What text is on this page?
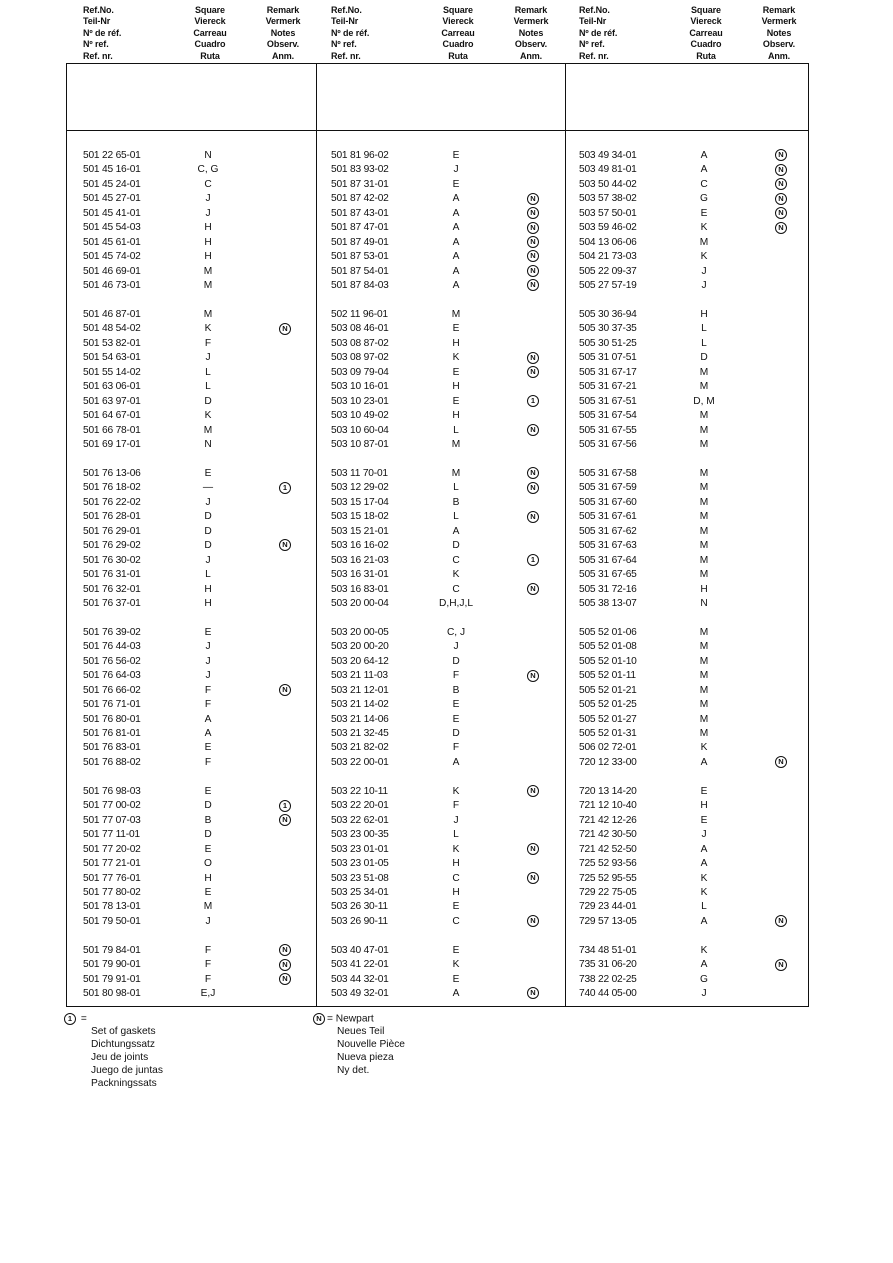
Ref.No.
Teil-Nr
Nº de réf.
Nº ref.
Ref. nr.
Square
Viereck
Carreau
Cuadro
Ruta
Remark
Vermerk
Notes
Observ.
Anm.
Ref.No.
Teil-Nr
Nº de réf.
Nº ref.
Ref. nr.
Square
Viereck
Carreau
Cuadro
Ruta
Remark
Vermerk
Notes
Observ.
Anm.
Ref.No.
Teil-Nr
Nº de réf.
Nº ref.
Ref. nr.
Square
Viereck
Carreau
Cuadro
Ruta
Remark
Vermerk
Notes
Observ.
Anm.
501 22 65-01	N
501 45 16-01	C, G
501 45 24-01	C
501 45 27-01	J
501 45 41-01	J
501 45 54-03	H
501 45 61-01	H
501 45 74-02	H
501 46 69-01	M
501 46 73-01	M
501 46 87-01	M
501 48 54-02	K	N
501 53 82-01	F
501 54 63-01	J
501 55 14-02	L
501 63 06-01	L
501 63 97-01	D
501 64 67-01	K
501 66 78-01	M
501 69 17-01	N
501 76 13-06	E
501 76 18-02	—	1
501 76 22-02	J
501 76 28-01	D
501 76 29-01	D
501 76 29-02	D	N
501 76 30-02	J
501 76 31-01	L
501 76 32-01	H
501 76 37-01	H
501 76 39-02	E
501 76 44-03	J
501 76 56-02	J
501 76 64-03	J
501 76 66-02	F	N
501 76 71-01	F
501 76 80-01	A
501 76 81-01	A
501 76 83-01	E
501 76 88-02	F
501 76 98-03	E
501 77 00-02	D	1
501 77 07-03	B	N
501 77 11-01	D
501 77 20-02	E
501 77 21-01	O
501 77 76-01	H
501 77 80-02	E
501 78 13-01	M
501 79 50-01	J
501 79 84-01	F	N
501 79 90-01	F	N
501 79 91-01	F	N
501 80 98-01	E,J
501 81 96-02	E
501 83 93-02	J
501 87 31-01	E
501 87 42-02	A	N
501 87 43-01	A	N
501 87 47-01	A	N
501 87 49-01	A	N
501 87 53-01	A	N
501 87 54-01	A	N
501 87 84-03	A	N
502 11 96-01	M
503 08 46-01	E
503 08 87-02	H
503 08 97-02	K	N
503 09 79-04	E	N
503 10 16-01	H
503 10 23-01	E	1
503 10 49-02	H
503 10 60-04	L	N
503 10 87-01	M
503 11 70-01	M	N
503 12 29-02	L	N
503 15 17-04	B
503 15 18-02	L	N
503 15 21-01	A
503 16 16-02	D
503 16 21-03	C	1
503 16 31-01	K
503 16 83-01	C	N
503 20 00-04	D,H,J,L
503 20 00-05	C, J
503 20 00-20	J
503 20 64-12	D
503 21 11-03	F	N
503 21 12-01	B
503 21 14-02	E
503 21 14-06	E
503 21 32-45	D
503 21 82-02	F
503 22 00-01	A
503 22 10-11	K	N
503 22 20-01	F
503 22 62-01	J
503 23 00-35	L
503 23 01-01	K	N
503 23 01-05	H
503 23 51-08	C	N
503 25 34-01	H
503 26 30-11	E
503 26 90-11	C	N
503 40 47-01	E
503 41 22-01	K
503 44 32-01	E
503 49 32-01	A	N
503 49 34-01	A	N
503 49 81-01	A	N
503 50 44-02	C	N
503 57 38-02	G	N
503 57 50-01	E	N
503 59 46-02	K	N
504 13 06-06	M
504 21 73-03	K
505 22 09-37	J
505 27 57-19	J
505 30 36-94	H
505 30 37-35	L
505 30 51-25	L
505 31 07-51	D
505 31 67-17	M
505 31 67-21	M
505 31 67-51	D, M
505 31 67-54	M
505 31 67-55	M
505 31 67-56	M
505 31 67-58	M
505 31 67-59	M
505 31 67-60	M
505 31 67-61	M
505 31 67-62	M
505 31 67-63	M
505 31 67-64	M
505 31 67-65	M
505 31 72-16	H
505 38 13-07	N
505 52 01-06	M
505 52 01-08	M
505 52 01-10	M
505 52 01-11	M
505 52 01-21	M
505 52 01-25	M
505 52 01-27	M
505 52 01-31	M
506 02 72-01	K
720 12 33-00	A	N
720 13 14-20	E
721 12 10-40	H
721 42 12-26	E
721 42 30-50	J
721 42 52-50	A
725 52 93-56	A
725 52 95-55	K
729 22 75-05	K
729 23 44-01	L
729 57 13-05	A	N
734 48 51-01	K
735 31 06-20	A	N
738 22 02-25	G
740 44 05-00	J
1 =
Set of gaskets
Dichtungssatz
Jeu de joints
Juego de juntas
Packningssats
N = Newpart
Neues Teil
Nouvelle Pièce
Nueva pieza
Ny det.
